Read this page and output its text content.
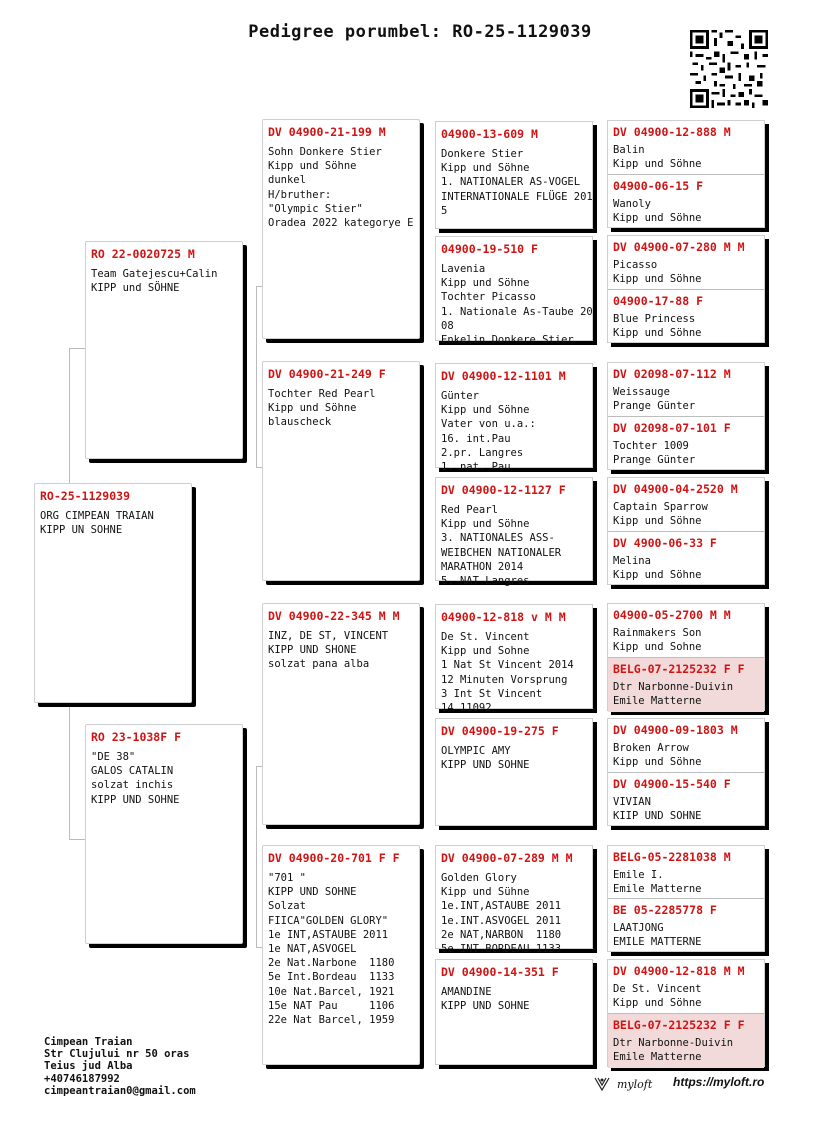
Pedigree porumbel: RO-25-1129039
RO-25-1129039
ORG CIMPEAN TRAIAN
KIPP UN SOHNE
RO 22-0020725 M
Team Gatejescu+Calin
KIPP und SÖHNE
RO 23-1038F F
"DE 38"
GALOS CATALIN
solzat inchis
KIPP UND SOHNE
DV 04900-21-199 M
Sohn Donkere Stier
Kipp und Söhne
dunkel
H/bruther:
"Olympic Stier"
Oradea 2022 kategorye E
DV 04900-21-249 F
Tochter Red Pearl
Kipp und Söhne
blauscheck
DV 04900-22-345 M M
INZ, DE ST, VINCENT
KIPP UND SHONE
solzat pana alba
DV 04900-20-701 F F
"701 "
KIPP UND SOHNE
Solzat
FIICA"GOLDEN GLORY"
1e INT,ASTAUBE 2011
1e NAT,ASVOGEL
2e Nat.Narbone  1180
5e Int.Bordeau  1133
10e Nat.Barcel, 1921
15e NAT Pau     1106
22e Nat Barcel, 1959
04900-13-609 M
Donkere Stier
Kipp und Söhne
1. NATIONALER AS-VOGEL
INTERNATIONALE FLÜGE 201
5
04900-19-510 F
Lavenia
Kipp und Söhne
Tochter Picasso
1. Nationale As-Taube 20
08
Enkelin Donkere Stier
DV 04900-12-1101 M
Günter
Kipp und Söhne
Vater von u.a.:
16. int.Pau
2.pr. Langres
1. nat. Pau
DV 04900-12-1127 F
Red Pearl
Kipp und Söhne
3. NATIONALES ASS-
WEIBCHEN NATIONALER
MARATHON 2014
5. NAT.Langres
04900-12-818 v M M
De St. Vincent
Kipp und Sohne
1 Nat St Vincent 2014
12 Minuten Vorsprung
3 Int St Vincent
14 11092
DV 04900-19-275 F
OLYMPIC AMY
KIPP UND SOHNE
DV 04900-07-289 M M
Golden Glory
Kipp und Sühne
1e.INT,ASTAUBE 2011
1e.INT.ASVOGEL 2011
2e NAT,NARBON  1180
5e INT.BORDEAU 1133
DV 04900-14-351 F
AMANDINE
KIPP UND SOHNE
DV 04900-12-888 M
Balin
Kipp und Söhne
04900-06-15 F
Wanoly
Kipp und Söhne
DV 04900-07-280 M M
Picasso
Kipp und Söhne
04900-17-88 F
Blue Princess
Kipp und Söhne
DV 02098-07-112 M
Weissauge
Prange Günter
DV 02098-07-101 F
Tochter 1009
Prange Günter
DV 04900-04-2520 M
Captain Sparrow
Kipp und Söhne
DV 4900-06-33 F
Melina
Kipp und Söhne
04900-05-2700 M M
Rainmakers Son
Kipp und Sohne
BELG-07-2125232 F F
Dtr Narbonne-Duivin
Emile Matterne
DV 04900-09-1803 M
Broken Arrow
Kipp und Söhne
DV 04900-15-540 F
VIVIAN
KIIP UND SOHNE
BELG-05-2281038 M
Emile I.
Emile Matterne
BE 05-2285778 F
LAATJONG
EMILE MATTERNE
DV 04900-12-818 M M
De St. Vincent
Kipp und Söhne
BELG-07-2125232 F F
Dtr Narbonne-Duivin
Emile Matterne
Cimpean Traian
Str Clujului nr 50 oras
Teius jud Alba
+40746187992
cimpeantraian0@gmail.com
myloft https://myloft.ro
